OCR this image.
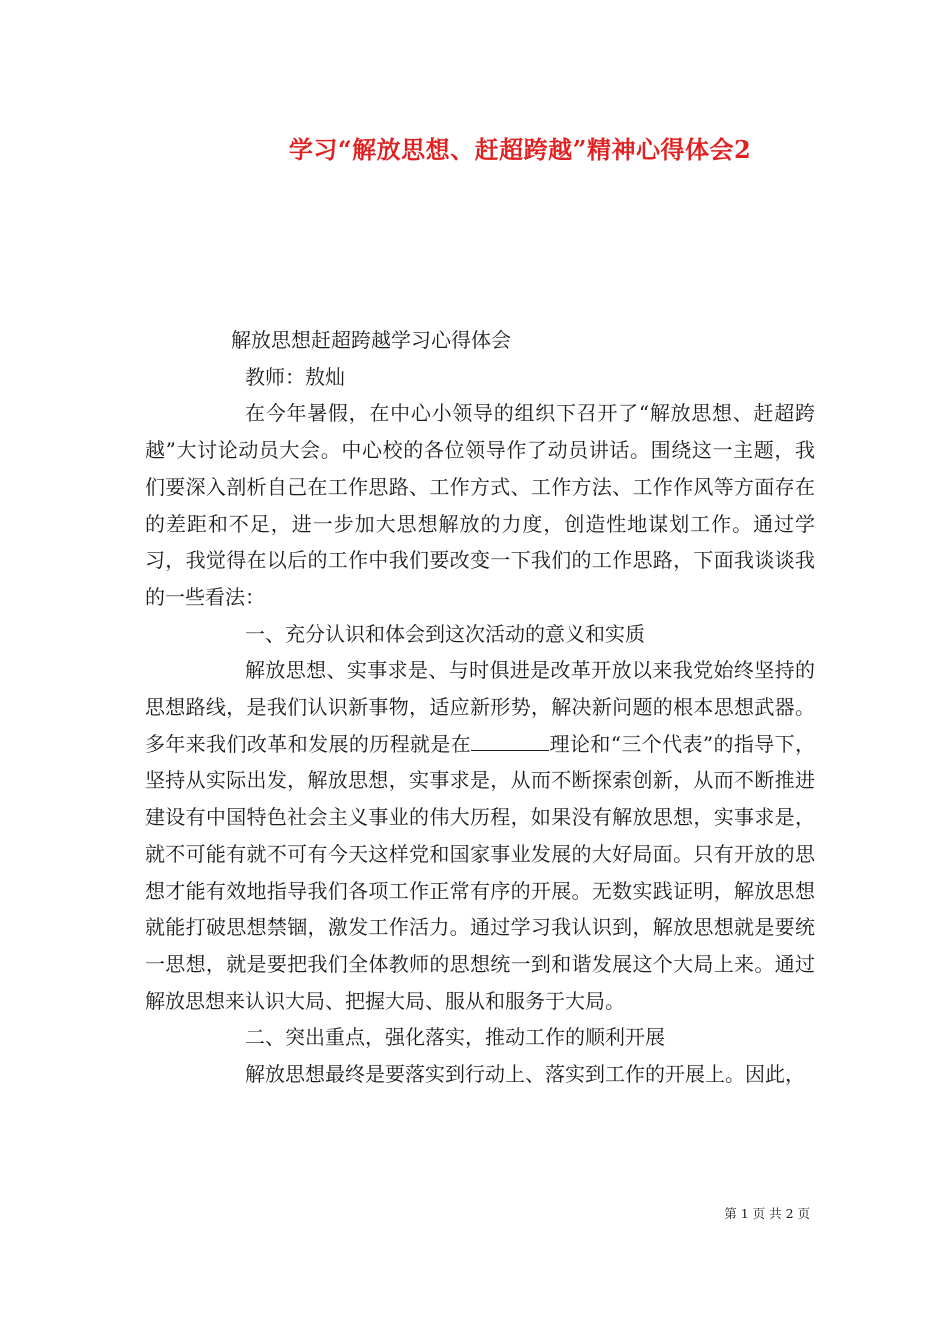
学习“解放思想、赶超跨越”精神心得体会2

解放思想赶超跨越学习心得体会

教师：敖灿

在今年暑假，在中心小领导的组织下召开了“解放思想、赶超跨越”大讨论动员大会。中心校的各位领导作了动员讲话。围绕这一主题，我们要深入剖析自己在工作思路、工作方式、工作方法、工作作风等方面存在的差距和不足，进一步加大思想解放的力度，创造性地谋划工作。通过学习，我觉得在以后的工作中我们要改变一下我们的工作思路，下面我谈谈我的一些看法：

一、充分认识和体会到这次活动的意义和实质

解放思想、实事求是、与时俱进是改革开放以来我党始终坚持的思想路线，是我们认识新事物，适应新形势，解决新问题的根本思想武器。多年来我们改革和发展的历程就是在	理论和“三个代表”的指导下，坚持从实际出发，解放思想，实事求是，从而不断探索创新，从而不断推进建设有中国特色社会主义事业的伟大历程，如果没有解放思想，实事求是，就不可能有就不可有今天这样党和国家事业发展的大好局面。只有开放的思想才能有效地指导我们各项工作正常有序的开展。无数实践证明，解放思想就能打破思想禁锢，激发工作活力。通过学习我认识到，解放思想就是要统一思想，就是要把我们全体教师的思想统一到和谐发展这个大局上来。通过解放思想来认识大局、把握大局、服从和服务于大局。

二、突出重点，强化落实，推动工作的顺利开展

解放思想最终是要落实到行动上、落实到工作的开展上。因此，

第 1 页 共 2 页
